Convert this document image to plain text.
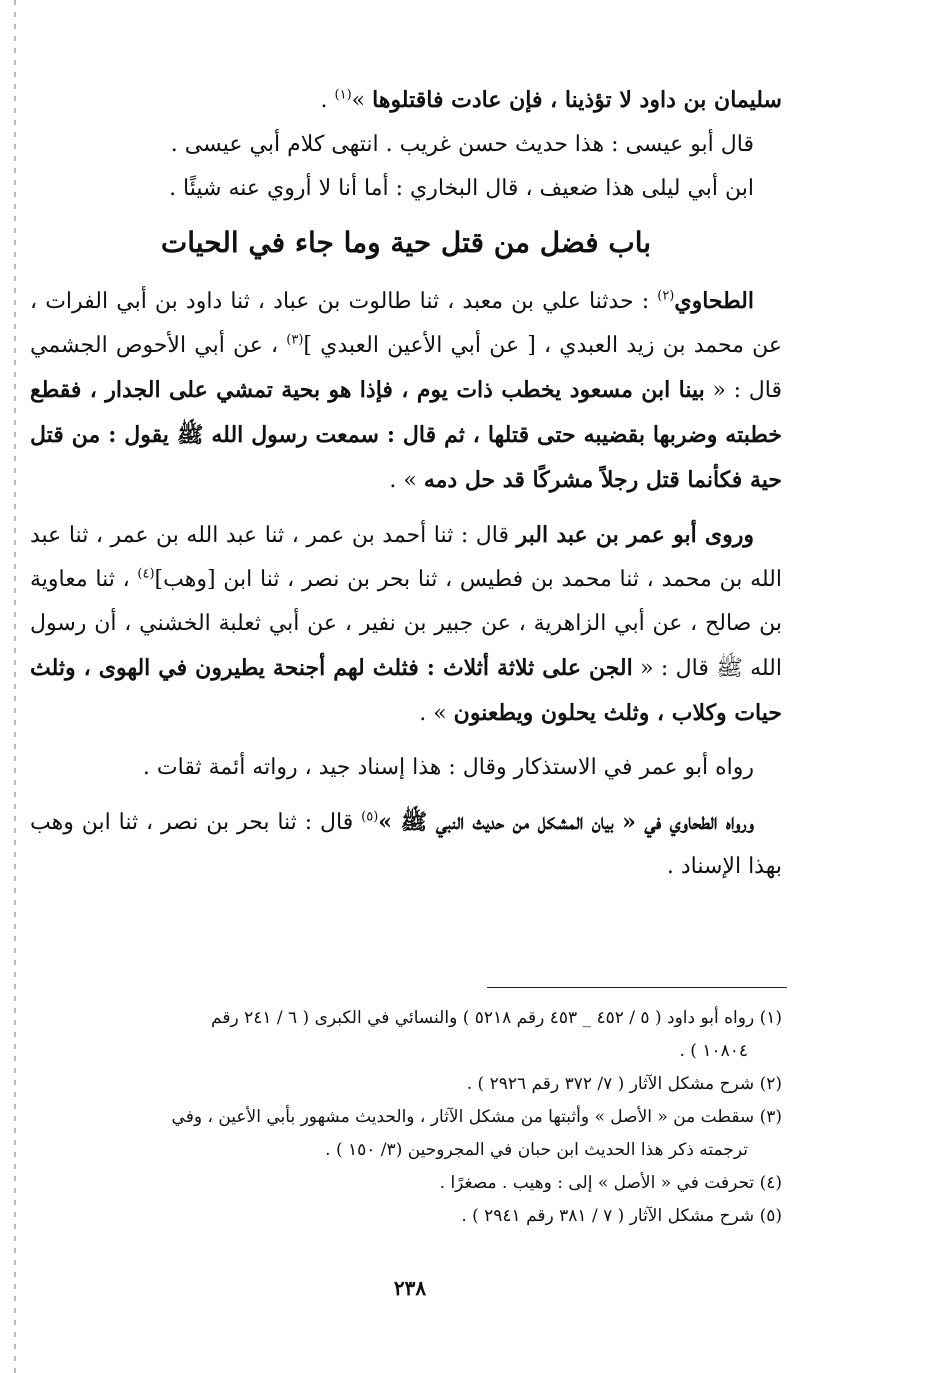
سليمان بن داود لا تؤذينا ، فإن عادت فاقتلوها »$^{(١)}$ .

قال أبو عيسى : هذا حديث حسن غريب . انتهى كلام أبي عيسى .

ابن أبي ليلى هذا ضعيف ، قال البخاري : أما أنا لا أروي عنه شيئًا .

باب فضل من قتل حية وما جاء في الحيات

الطحاوي$^{(٢)}$ : حدثنا علي بن معبد ، ثنا طالوت بن عباد ، ثنا داود بن أبي الفرات ، عن محمد بن زيد العبدي ، [ عن أبي الأعين العبدي ]$^{(٣)}$ ، عن أبي الأحوص الجشمي قال : « بينا ابن مسعود يخطب ذات يوم ، فإذا هو بحية تمشي على الجدار ، فقطع خطبته وضربها بقضيبه حتى قتلها ، ثم قال : سمعت رسول الله ﷺ يقول : من قتل حية فكأنما قتل رجلاً مشركًا قد حل دمه » .

وروى أبو عمر بن عبد البر قال : ثنا أحمد بن عمر ، ثنا عبد الله بن عمر ، ثنا عبد الله بن محمد ، ثنا محمد بن فطيس ، ثنا بحر بن نصر ، ثنا ابن [وهب]$^{(٤)}$ ، ثنا معاوية بن صالح ، عن أبي الزاهرية ، عن جبير بن نفير ، عن أبي ثعلبة الخشني ، أن رسول الله ﷺ قال : « الجن على ثلاثة أثلاث : فثلث لهم أجنحة يطيرون في الهوى ، وثلث حيات وكلاب ، وثلث يحلون ويطعنون » .

رواه أبو عمر في الاستذكار وقال : هذا إسناد جيد ، رواته أئمة ثقات .

ورواه الطحاوي في « بيان المشكل من حديث النبي ﷺ »$^{(٥)}$ قال : ثنا بحر بن نصر ، ثنا ابن وهب بهذا الإسناد .

(١) رواه أبو داود ( ٥ / ٤٥٢ _ ٤٥٣ رقم ٥٢١٨ ) والنسائي في الكبرى ( ٦ / ٢٤١ رقم

١٠٨٠٤ ) .

(٢) شرح مشكل الآثار ( ٧/ ٣٧٢ رقم ٢٩٢٦ ) .

(٣) سقطت من « الأصل » وأثبتها من مشكل الآثار ، والحديث مشهور بأبي الأعين ، وفي

ترجمته ذكر هذا الحديث ابن حبان في المجروحين (٣/ ١٥٠ ) .

(٤) تحرفت في « الأصل » إلى : وهيب . مصغرًا .

(٥) شرح مشكل الآثار ( ٧ / ٣٨١ رقم ٢٩٤١ ) .

٢٣٨
